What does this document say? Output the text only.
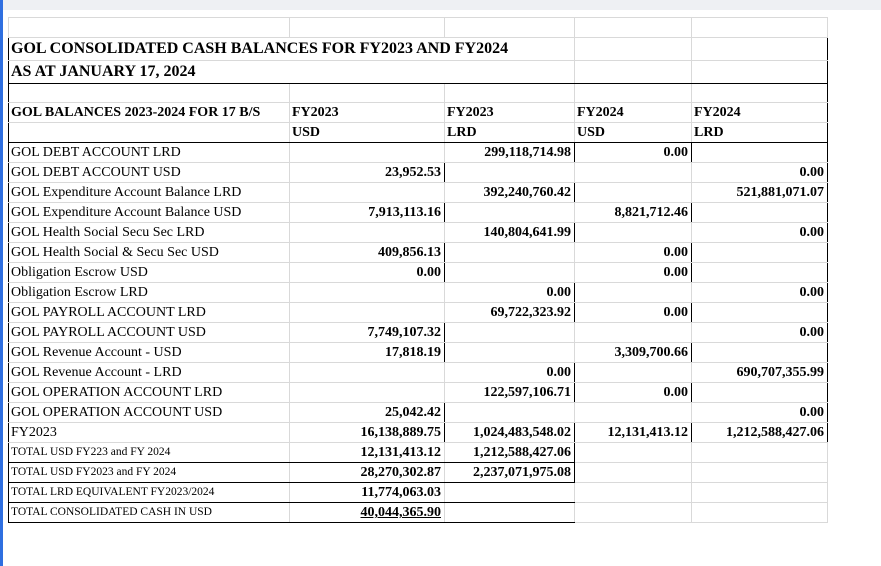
GOL CONSOLIDATED CASH BALANCES FOR FY2023 AND FY2024				
AS AT JANUARY 17, 2024				

GOL BALANCES 2023-2024 FOR 17 B/S	FY2023	FY2023	FY2024	FY2024
	USD	LRD	USD	LRD
GOL DEBT ACCOUNT LRD		299,118,714.98	0.00	
GOL DEBT ACCOUNT USD	23,952.53			0.00
GOL Expenditure Account Balance LRD		392,240,760.42		521,881,071.07
GOL Expenditure Account Balance USD	7,913,113.16		8,821,712.46	
GOL Health Social Secu Sec LRD		140,804,641.99		0.00
GOL Health Social & Secu Sec USD	409,856.13		0.00	
Obligation Escrow USD	0.00		0.00	
Obligation Escrow LRD		0.00		0.00
GOL PAYROLL ACCOUNT LRD		69,722,323.92	0.00	
GOL PAYROLL ACCOUNT USD	7,749,107.32			0.00
GOL Revenue Account - USD	17,818.19		3,309,700.66	
GOL Revenue Account - LRD		0.00		690,707,355.99
GOL OPERATION ACCOUNT LRD		122,597,106.71	0.00	
GOL OPERATION ACCOUNT USD	25,042.42			0.00
FY2023	16,138,889.75	1,024,483,548.02	12,131,413.12	1,212,588,427.06
TOTAL USD FY223 and FY 2024	12,131,413.12	1,212,588,427.06		
TOTAL USD FY2023 and FY 2024	28,270,302.87	2,237,071,975.08		
TOTAL LRD EQUIVALENT FY2023/2024	11,774,063.03			
TOTAL CONSOLIDATED CASH IN USD	40,044,365.90			
